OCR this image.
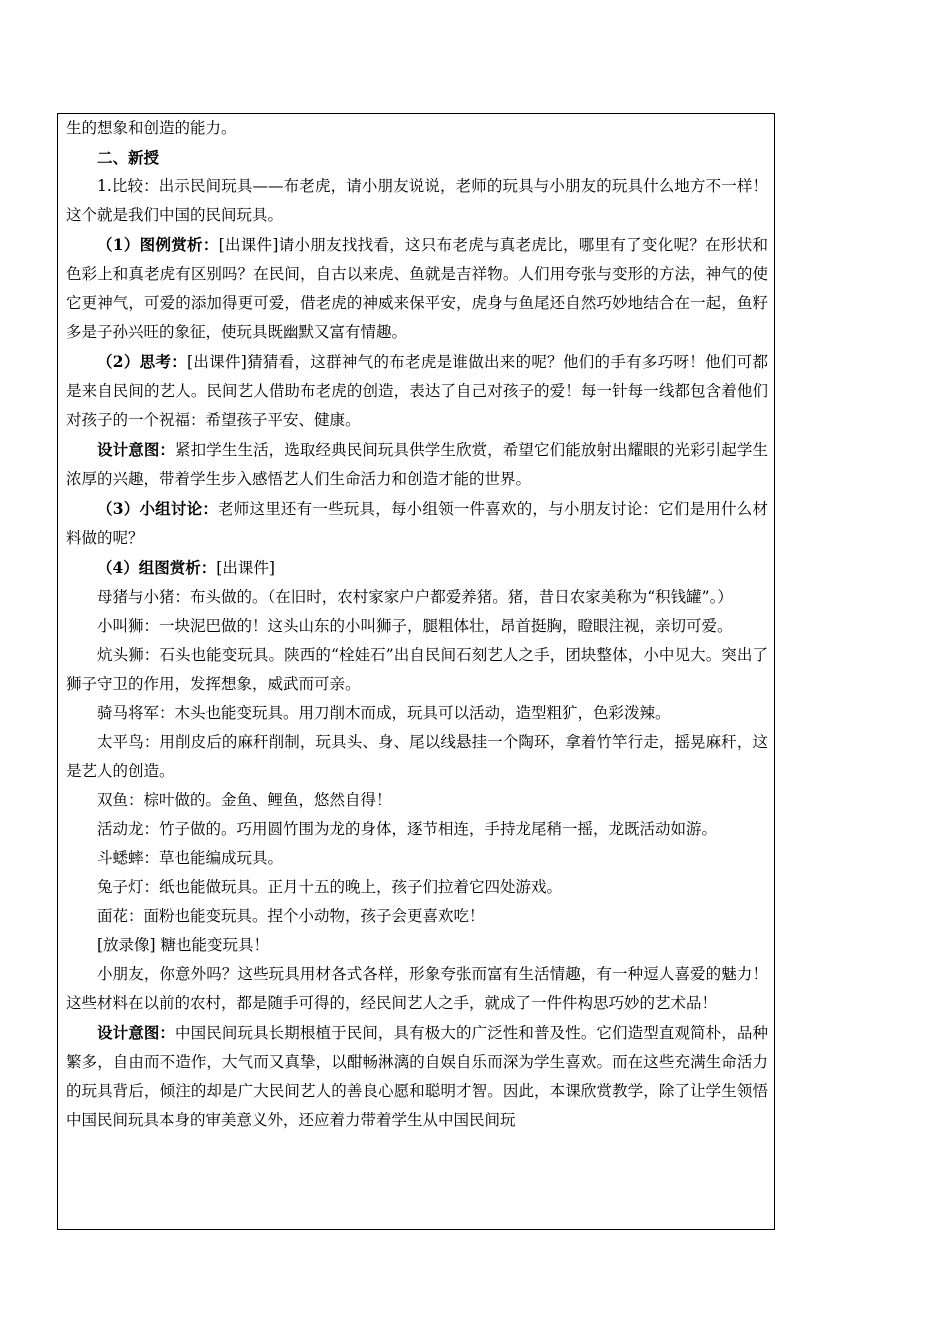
生的想象和创造的能力。

二、新授

1.比较：出示民间玩具——布老虎，请小朋友说说，老师的玩具与小朋友的玩具什么地方不一样！这个就是我们中国的民间玩具。

（1）图例赏析：[出课件]请小朋友找找看，这只布老虎与真老虎比，哪里有了变化呢？在形状和色彩上和真老虎有区别吗？在民间，自古以来虎、鱼就是吉祥物。人们用夸张与变形的方法，神气的使它更神气，可爱的添加得更可爱，借老虎的神威来保平安，虎身与鱼尾还自然巧妙地结合在一起，鱼籽多是子孙兴旺的象征，使玩具既幽默又富有情趣。

（2）思考：[出课件]猜猜看，这群神气的布老虎是谁做出来的呢？他们的手有多巧呀！他们可都是来自民间的艺人。民间艺人借助布老虎的创造，表达了自己对孩子的爱！每一针每一线都包含着他们对孩子的一个祝福：希望孩子平安、健康。

设计意图：紧扣学生生活，选取经典民间玩具供学生欣赏，希望它们能放射出耀眼的光彩引起学生浓厚的兴趣，带着学生步入感悟艺人们生命活力和创造才能的世界。

（3）小组讨论：老师这里还有一些玩具，每小组领一件喜欢的，与小朋友讨论：它们是用什么材料做的呢？

（4）组图赏析：[出课件]

母猪与小猪：布头做的。（在旧时，农村家家户户都爱养猪。猪，昔日农家美称为“积钱罐”。）

小叫狮：一块泥巴做的！这头山东的小叫狮子，腿粗体壮，昂首挺胸，瞪眼注视，亲切可爱。

炕头狮：石头也能变玩具。陕西的“栓娃石”出自民间石刻艺人之手，团块整体，小中见大。突出了狮子守卫的作用，发挥想象，威武而可亲。

骑马将军：木头也能变玩具。用刀削木而成，玩具可以活动，造型粗犷，色彩泼辣。

太平鸟：用削皮后的麻秆削制，玩具头、身、尾以线悬挂一个陶环，拿着竹竿行走，摇晃麻秆，这是艺人的创造。

双鱼：棕叶做的。金鱼、鲤鱼，悠然自得！

活动龙：竹子做的。巧用圆竹围为龙的身体，逐节相连，手持龙尾稍一摇，龙既活动如游。

斗蟋蟀：草也能编成玩具。

兔子灯：纸也能做玩具。正月十五的晚上，孩子们拉着它四处游戏。

面花：面粉也能变玩具。捏个小动物，孩子会更喜欢吃！

[放录像] 糖也能变玩具！

小朋友，你意外吗？这些玩具用材各式各样，形象夸张而富有生活情趣，有一种逗人喜爱的魅力！这些材料在以前的农村，都是随手可得的，经民间艺人之手，就成了一件件构思巧妙的艺术品！

设计意图：中国民间玩具长期根植于民间，具有极大的广泛性和普及性。它们造型直观简朴，品种繁多，自由而不造作，大气而又真挚，以酣畅淋漓的自娱自乐而深为学生喜欢。而在这些充满生命活力的玩具背后，倾注的却是广大民间艺人的善良心愿和聪明才智。因此，本课欣赏教学，除了让学生领悟中国民间玩具本身的审美意义外，还应着力带着学生从中国民间玩
